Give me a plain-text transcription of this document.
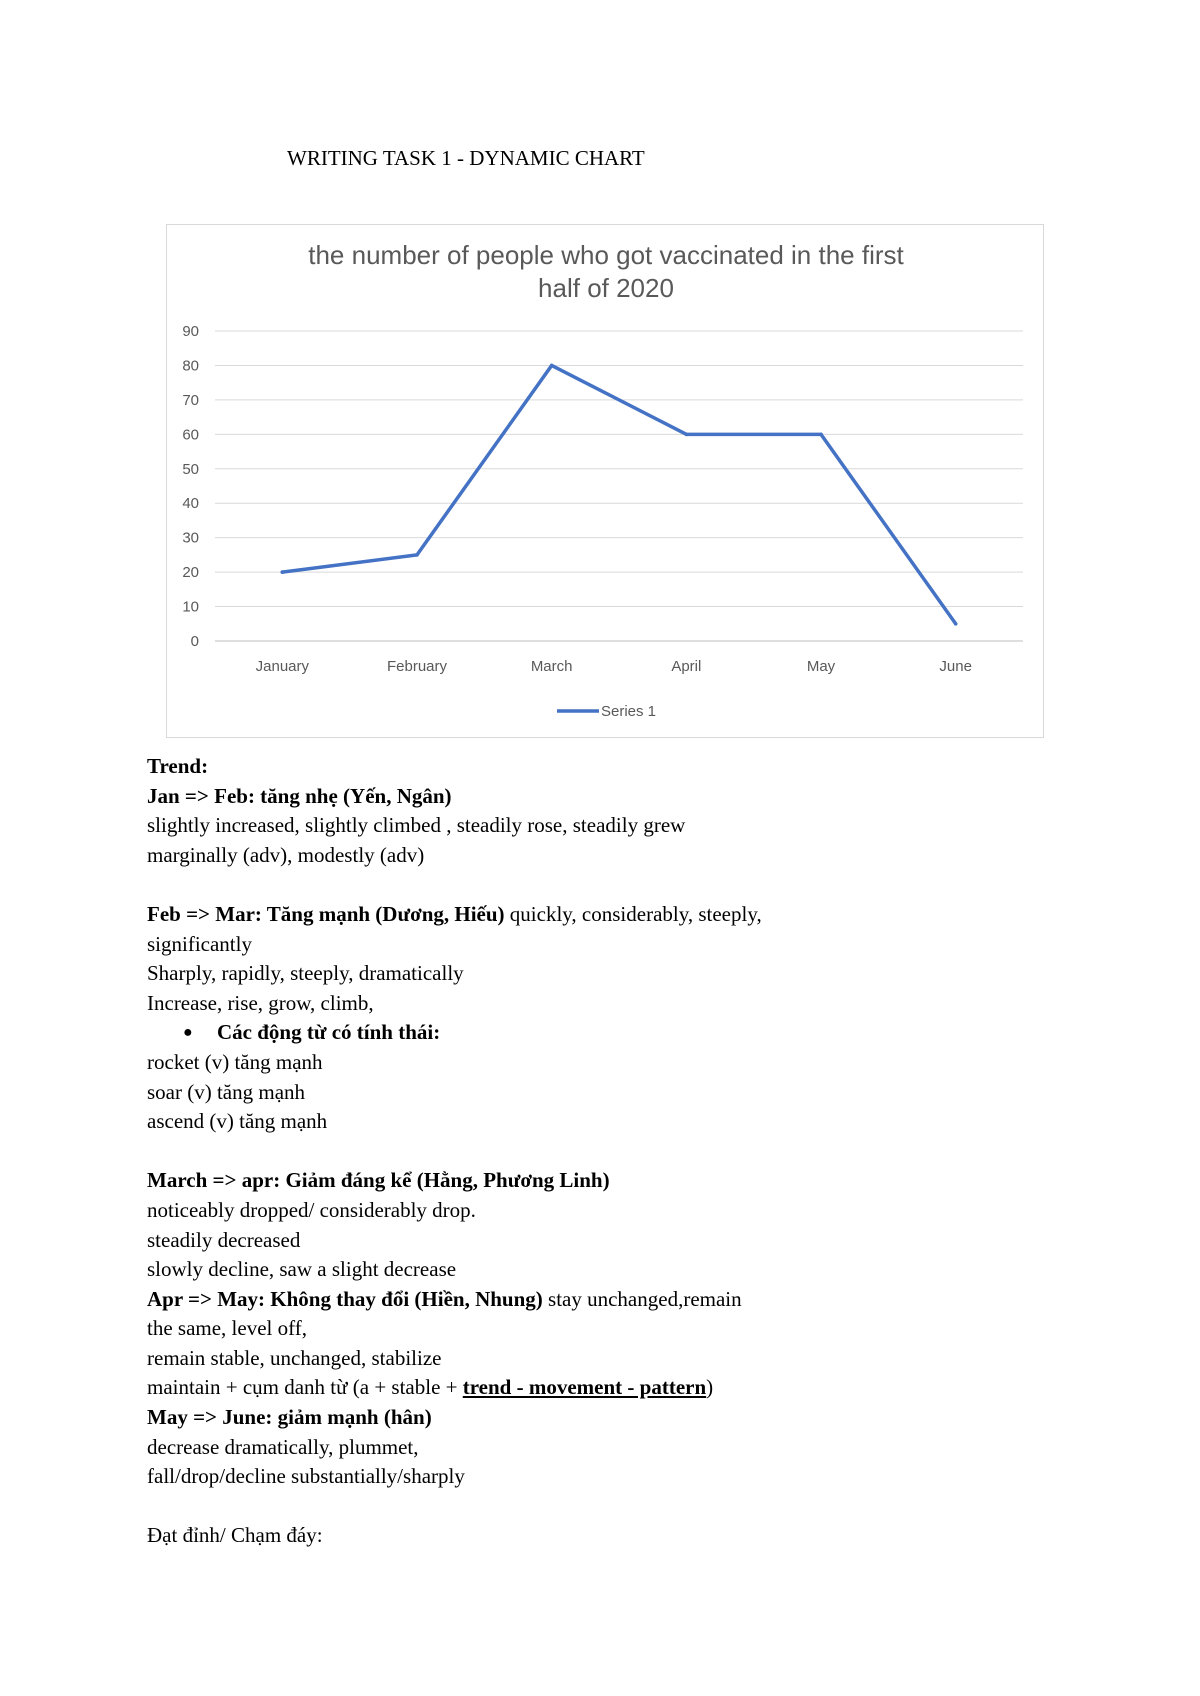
WRITING TASK 1 - DYNAMIC CHART
the number of people who got vaccinated in the first
half of 2020
0
10
20
30
40
50
60
70
80
90
January	February	March	April	May	June
Series 1

Trend:

Jan => Feb: tăng nhẹ (Yến, Ngân)

slightly increased, slightly climbed , steadily rose, steadily grew

marginally (adv), modestly (adv)

Feb => Mar: Tăng mạnh (Dương, Hiếu) quickly, considerably, steeply,

significantly

Sharply, rapidly, steeply, dramatically

Increase, rise, grow, climb,

● Các động từ có tính thái:

rocket (v) tăng mạnh

soar (v) tăng mạnh

ascend (v) tăng mạnh

March => apr: Giảm đáng kể (Hằng, Phương Linh)

noticeably dropped/ considerably drop.

steadily decreased

slowly decline, saw a slight decrease

Apr => May: Không thay đổi (Hiền, Nhung) stay unchanged,remain

the same, level off,

remain stable, unchanged, stabilize

maintain + cụm danh từ (a + stable + trend - movement - pattern)

May => June: giảm mạnh (hân)

decrease dramatically, plummet,

fall/drop/decline substantially/sharply

Đạt đỉnh/ Chạm đáy:
